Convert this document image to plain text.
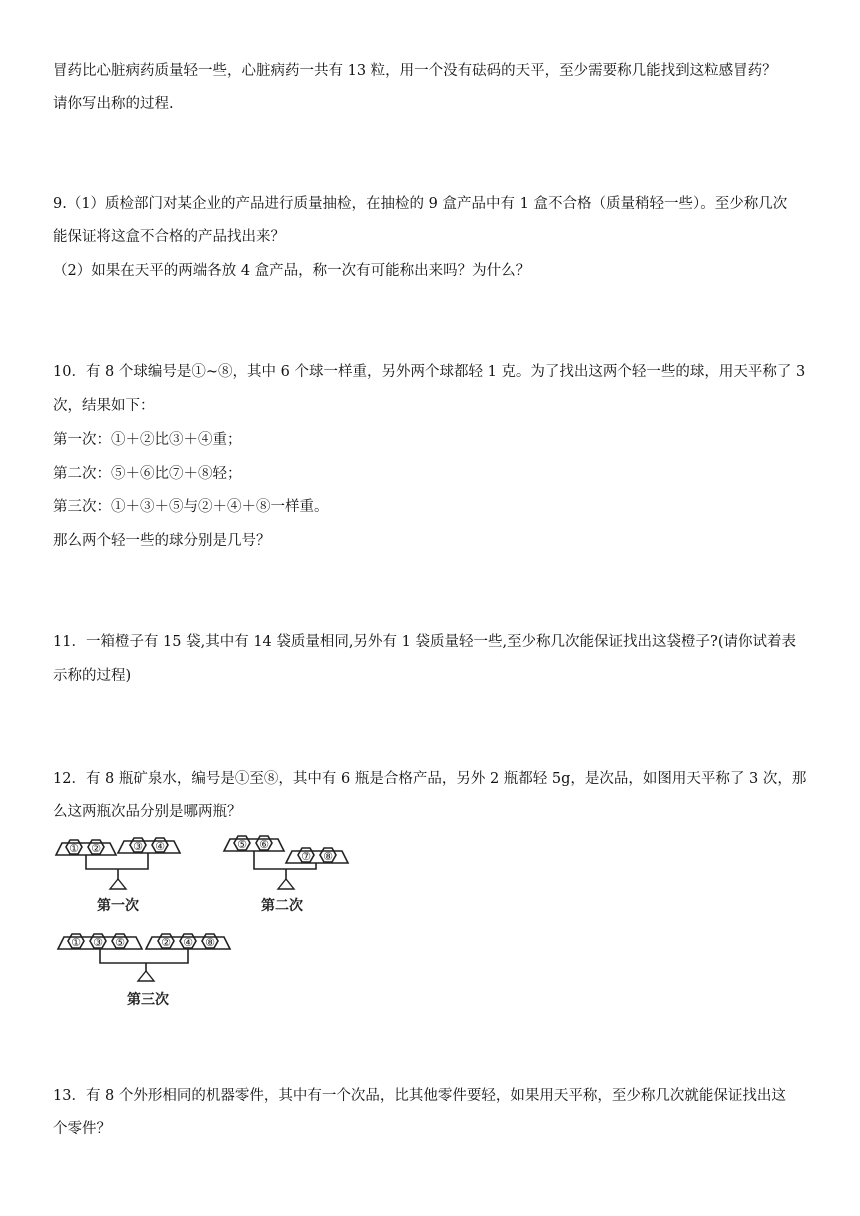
冒药比心脏病药质量轻一些，心脏病药一共有 13 粒，用一个没有砝码的天平，至少需要称几能找到这粒感冒药？
请你写出称的过程.
9.（1）质检部门对某企业的产品进行质量抽检，在抽检的 9 盒产品中有 1 盒不合格（质量稍轻一些）。至少称几次
能保证将这盒不合格的产品找出来？
（2）如果在天平的两端各放 4 盒产品，称一次有可能称出来吗？为什么？
10．有 8 个球编号是①~⑧，其中 6 个球一样重，另外两个球都轻 1 克。为了找出这两个轻一些的球，用天平称了 3
次，结果如下：
第一次：①＋②比③＋④重；
第二次：⑤＋⑥比⑦＋⑧轻；
第三次：①＋③＋⑤与②＋④＋⑧一样重。
那么两个轻一些的球分别是几号？
11．一箱橙子有 15 袋,其中有 14 袋质量相同,另外有 1 袋质量轻一些,至少称几次能保证找出这袋橙子?(请你试着表
示称的过程)
12．有 8 瓶矿泉水，编号是①至⑧，其中有 6 瓶是合格产品，另外 2 瓶都轻 5g，是次品，如图用天平称了 3 次，那
么这两瓶次品分别是哪两瓶？
① ②	③ ④
第一次
⑤ ⑥
⑦ ⑧
第二次
① ③ ⑤	② ④ ⑧
第三次
13．有 8 个外形相同的机器零件，其中有一个次品，比其他零件要轻，如果用天平称，至少称几次就能保证找出这
个零件？
